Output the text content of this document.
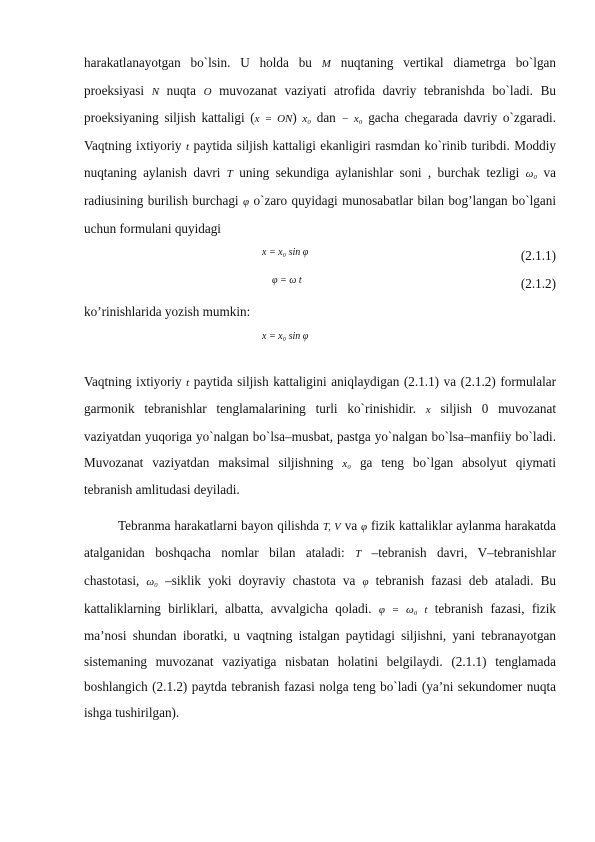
harakatlanayotgan bo`lsin. U holda bu M nuqtaning vertikal diametrga bo`lgan proeksiyasi N nuqta O muvozanat vaziyati atrofida davriy tebranishda bo`ladi. Bu proeksiyaning siljish kattaligi (x = ON) x₀ dan − x₀ gacha chegarada davriy o`zgaradi. Vaqtning ixtiyoriy t paytida siljish kattaligi ekanligiri rasmdan ko`rinib turibdi. Moddiy nuqtaning aylanish davri T uning sekundiga aylanishlar soni , burchak tezligi ω₀ va radiusining burilish burchagi φ o`zaro quyidagi munosabatlar bilan bog’langan bo`lgani uchun formulani quyidagi

x = x₀ sin φ	(2.1.1)
φ = ω t	(2.1.2)

ko’rinishlarida yozish mumkin:

x = x₀ sin φ

Vaqtning ixtiyoriy t paytida siljish kattaligini aniqlaydigan (2.1.1) va (2.1.2) formulalar garmonik tebranishlar tenglamalarining turli ko`rinishidir. x siljish 0 muvozanat vaziyatdan yuqoriga yo`nalgan bo`lsa–musbat, pastga yo`nalgan bo`lsa–manfiiy bo`ladi. Muvozanat vaziyatdan maksimal siljishning x₀ ga teng bo`lgan absolyut qiymati tebranish amlitudasi deyiladi.

Tebranma harakatlarni bayon qilishda T, V va φ fizik kattaliklar aylanma harakatda atalganidan boshqacha nomlar bilan ataladi: T –tebranish davri, V–tebranishlar chastotasi, ω₀ –siklik yoki doyraviy chastota va φ tebranish fazasi deb ataladi. Bu kattaliklarning birliklari, albatta, avvalgicha qoladi. φ = ω₀ t tebranish fazasi, fizik ma’nosi shundan iboratki, u vaqtning istalgan paytidagi siljishni, yani tebranayotgan sistemaning muvozanat vaziyatiga nisbatan holatini belgilaydi. (2.1.1) tenglamada boshlangich (2.1.2) paytda tebranish fazasi nolga teng bo`ladi (ya’ni sekundomer nuqta ishga tushirilgan).
